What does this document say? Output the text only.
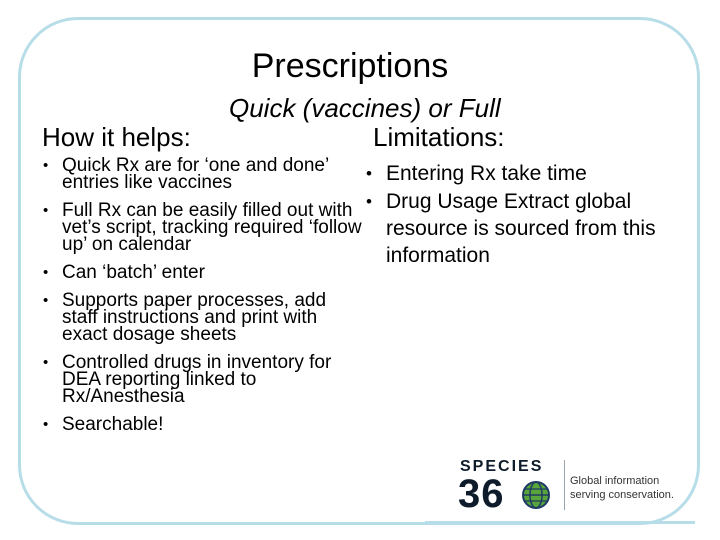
Prescriptions
Quick (vaccines) or Full
How it helps:	Limitations:
• Quick Rx are for ‘one and done’ entries like vaccines
• Full Rx can be easily filled out with vet’s script, tracking required ‘follow up’ on calendar
• Can ‘batch’ enter
• Supports paper processes, add staff instructions and print with exact dosage sheets
• Controlled drugs in inventory for DEA reporting linked to Rx/Anesthesia
• Searchable!
• Entering Rx take time
• Drug Usage Extract global resource is sourced from this information
SPECIES
36	Global information
serving conservation.
